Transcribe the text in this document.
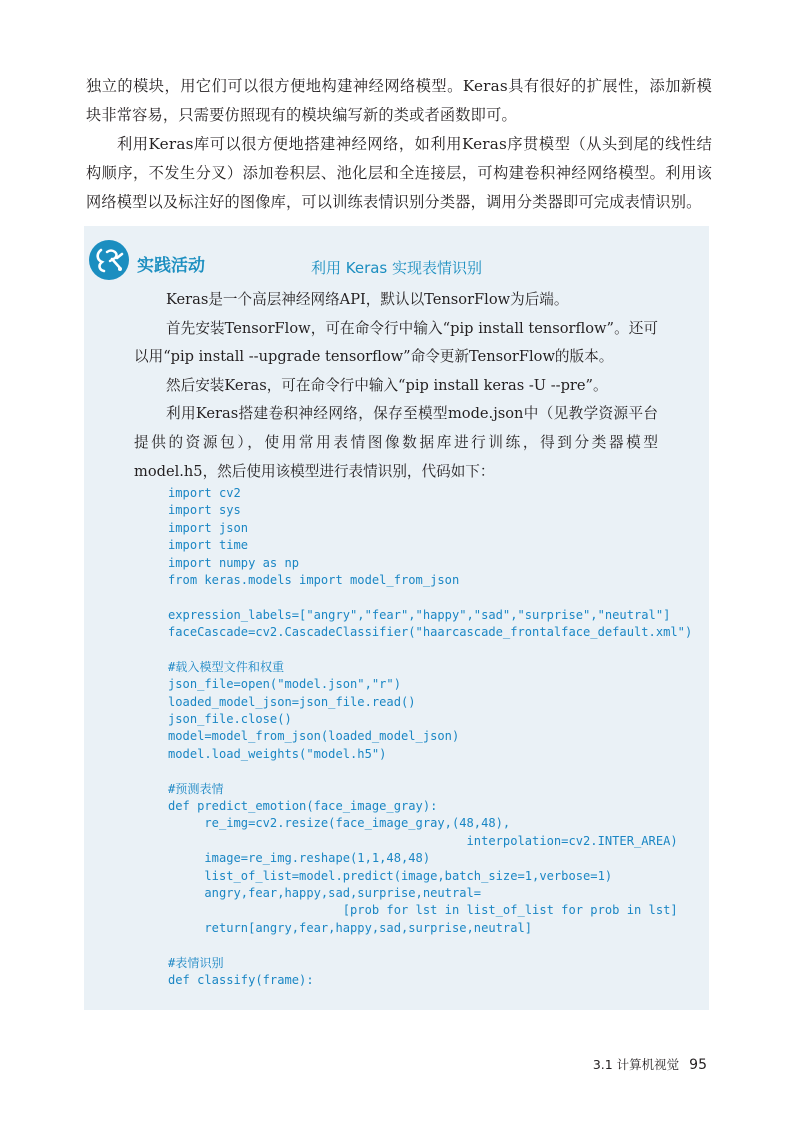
独立的模块，用它们可以很方便地构建神经网络模型。Keras具有很好的扩展性，添加新模块非常容易，只需要仿照现有的模块编写新的类或者函数即可。

利用Keras库可以很方便地搭建神经网络，如利用Keras序贯模型（从头到尾的线性结构顺序，不发生分叉）添加卷积层、池化层和全连接层，可构建卷积神经网络模型。利用该网络模型以及标注好的图像库，可以训练表情识别分类器，调用分类器即可完成表情识别。

实践活动	利用 Keras 实现表情识别

Keras是一个高层神经网络API，默认以TensorFlow为后端。

首先安装TensorFlow，可在命令行中输入“pip install tensorflow”。还可以用“pip install --upgrade tensorflow”命令更新TensorFlow的版本。

然后安装Keras，可在命令行中输入“pip install keras -U --pre”。

利用Keras搭建卷积神经网络，保存至模型mode.json中（见教学资源平台提供的资源包），使用常用表情图像数据库进行训练，得到分类器模型model.h5，然后使用该模型进行表情识别，代码如下：

import cv2
import sys
import json
import time
import numpy as np
from keras.models import model_from_json
expression_labels=["angry","fear","happy","sad","surprise","neutral"]
faceCascade=cv2.CascadeClassifier("haarcascade_frontalface_default.xml")
#载入模型文件和权重
json_file=open("model.json","r")
loaded_model_json=json_file.read()
json_file.close()
model=model_from_json(loaded_model_json)
model.load_weights("model.h5")
#预测表情
def predict_emotion(face_image_gray):
re_img=cv2.resize(face_image_gray,(48,48),
interpolation=cv2.INTER_AREA)
image=re_img.reshape(1,1,48,48)
list_of_list=model.predict(image,batch_size=1,verbose=1)
angry,fear,happy,sad,surprise,neutral=
[prob for lst in list_of_list for prob in lst]
return[angry,fear,happy,sad,surprise,neutral]
#表情识别
def classify(frame):
3.1 计算机视觉 95
